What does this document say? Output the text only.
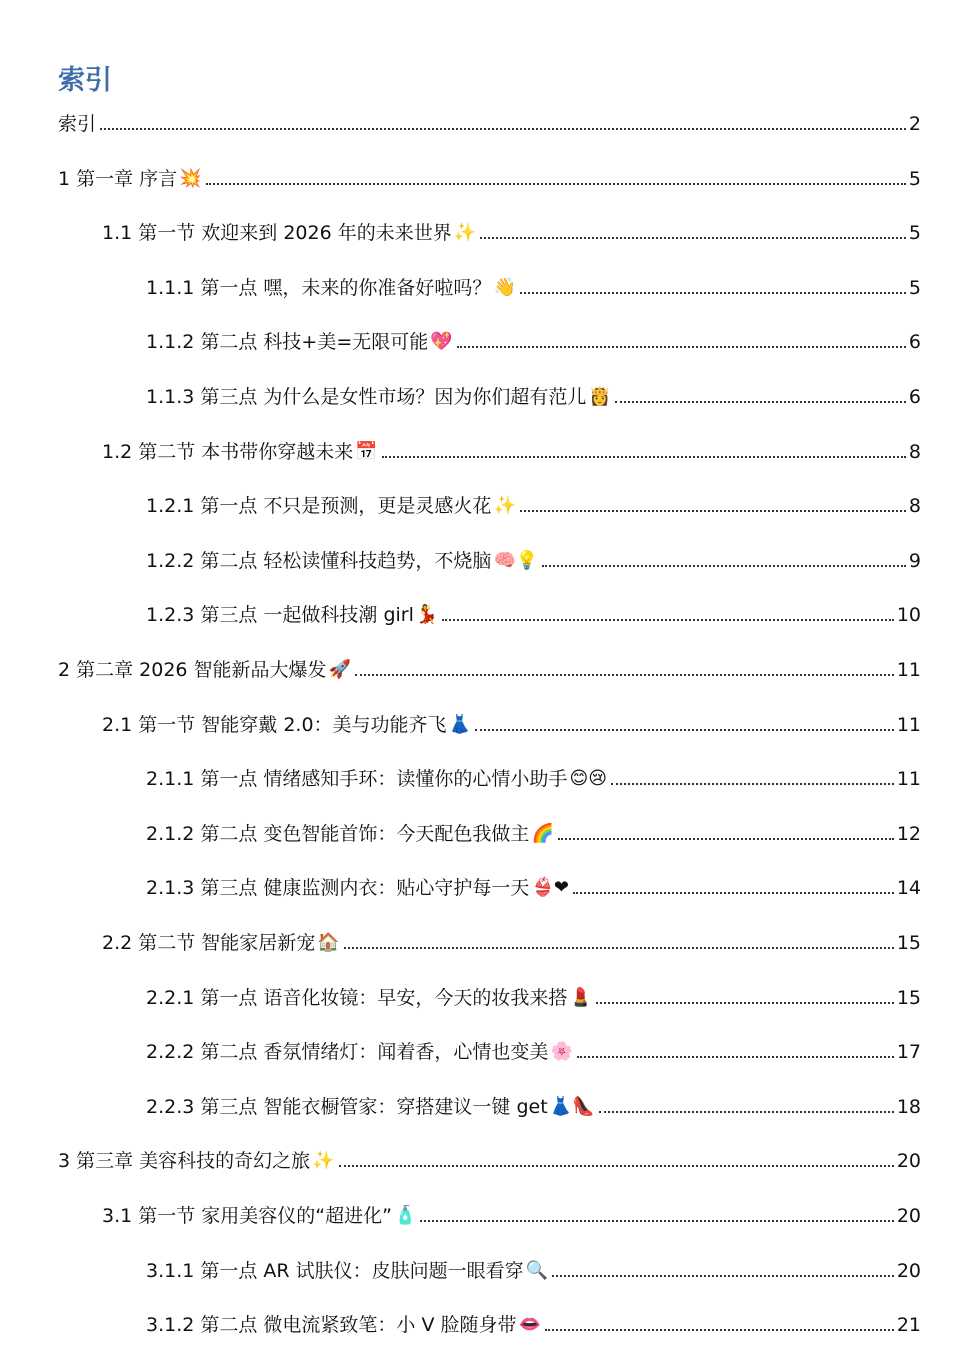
索引
索引	2
1 第一章 序言 💥	5
1.1 第一节 欢迎来到 2026 年的未来世界 ✨	5
1.1.1 第一点 嘿，未来的你准备好啦吗？ 👋	5
1.1.2 第二点 科技+美=无限可能 💖	6
1.1.3 第三点 为什么是女性市场？因为你们超有范儿 👸	6
1.2 第二节 本书带你穿越未来 📅	8
1.2.1 第一点 不只是预测，更是灵感火花 ✨	8
1.2.2 第二点 轻松读懂科技趋势，不烧脑 🧠💡	9
1.2.3 第三点 一起做科技潮 girl 💃	10
2 第二章 2026 智能新品大爆发 🚀	11
2.1 第一节 智能穿戴 2.0：美与功能齐飞 👗	11
2.1.1 第一点 情绪感知手环：读懂你的心情小助手 😊😢	11
2.1.2 第二点 变色智能首饰：今天配色我做主 🌈	12
2.1.3 第三点 健康监测内衣：贴心守护每一天 👙❤	14
2.2 第二节 智能家居新宠 🏠	15
2.2.1 第一点 语音化妆镜：早安，今天的妆我来搭 💄	15
2.2.2 第二点 香氛情绪灯：闻着香，心情也变美 🌸	17
2.2.3 第三点 智能衣橱管家：穿搭建议一键 get 👗👠	18
3 第三章 美容科技的奇幻之旅 ✨	20
3.1 第一节 家用美容仪的“超进化” 🧴	20
3.1.1 第一点 AR 试肤仪：皮肤问题一眼看穿 🔍	20
3.1.2 第二点 微电流紧致笔：小 V 脸随身带 👄	21
